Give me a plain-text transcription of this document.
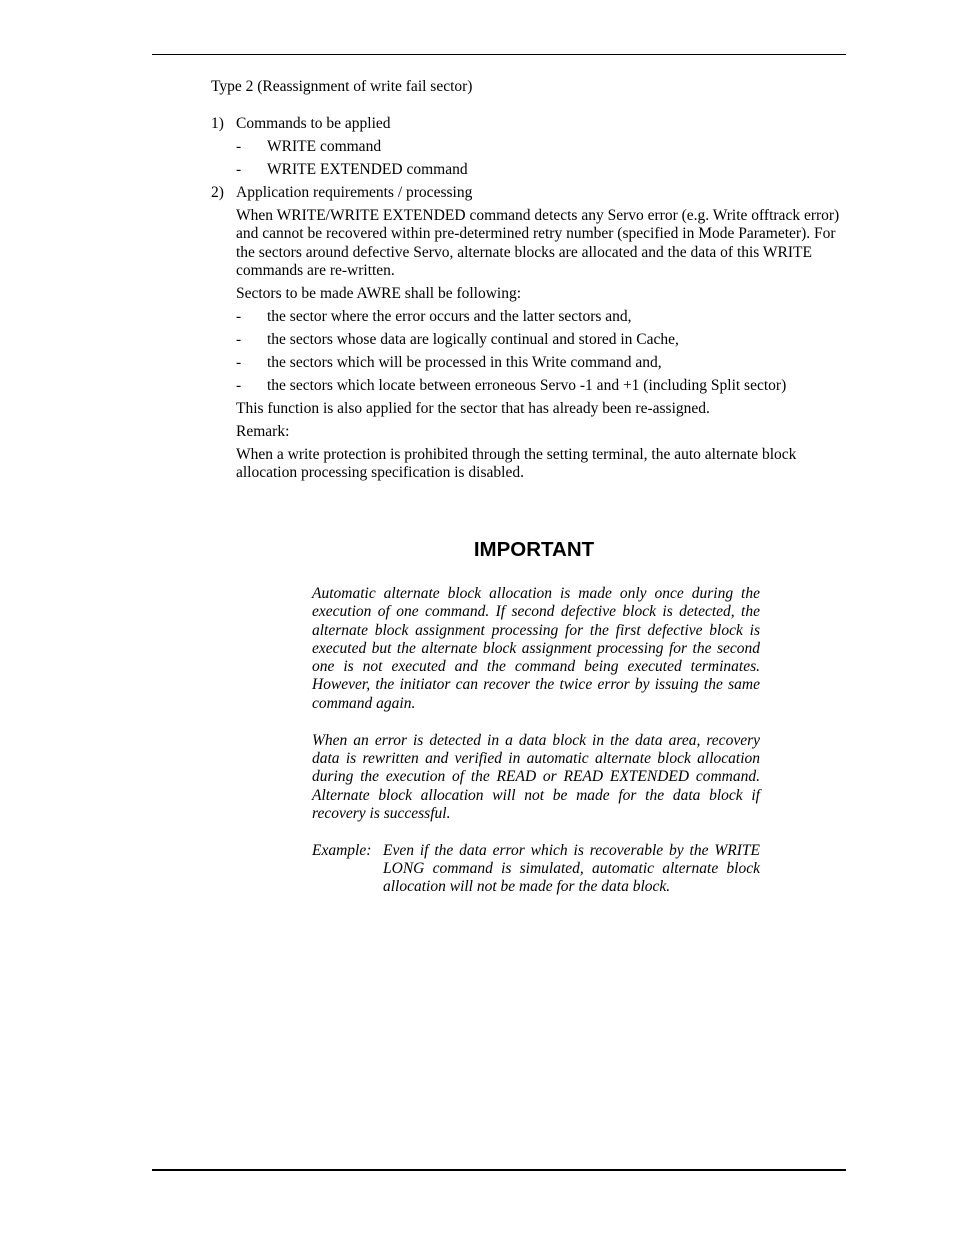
Type 2 (Reassignment of write fail sector)
1) Commands to be applied
- WRITE command
- WRITE EXTENDED command
2) Application requirements / processing
When WRITE/WRITE EXTENDED command detects any Servo error (e.g. Write offtrack error)
and cannot be recovered within pre-determined retry number (specified in Mode Parameter). For
the sectors around defective Servo, alternate blocks are allocated and the data of this WRITE
commands are re-written.
Sectors to be made AWRE shall be following:
- the sector where the error occurs and the latter sectors and,
- the sectors whose data are logically continual and stored in Cache,
- the sectors which will be processed in this Write command and,
- the sectors which locate between erroneous Servo -1 and +1 (including Split sector)
This function is also applied for the sector that has already been re-assigned.
Remark:
When a write protection is prohibited through the setting terminal, the auto alternate block
allocation processing specification is disabled.
IMPORTANT
Automatic alternate block allocation is made only once during the
execution of one command. If second defective block is detected, the
alternate block assignment processing for the first defective block is
executed but the alternate block assignment processing for the second
one is not executed and the command being executed terminates.
However, the initiator can recover the twice error by issuing the same
command again.
When an error is detected in a data block in the data area, recovery
data is rewritten and verified in automatic alternate block allocation
during the execution of the READ or READ EXTENDED command.
Alternate block allocation will not be made for the data block if
recovery is successful.
Example: Even if the data error which is recoverable by the WRITE
LONG command is simulated, automatic alternate block
allocation will not be made for the data block.
